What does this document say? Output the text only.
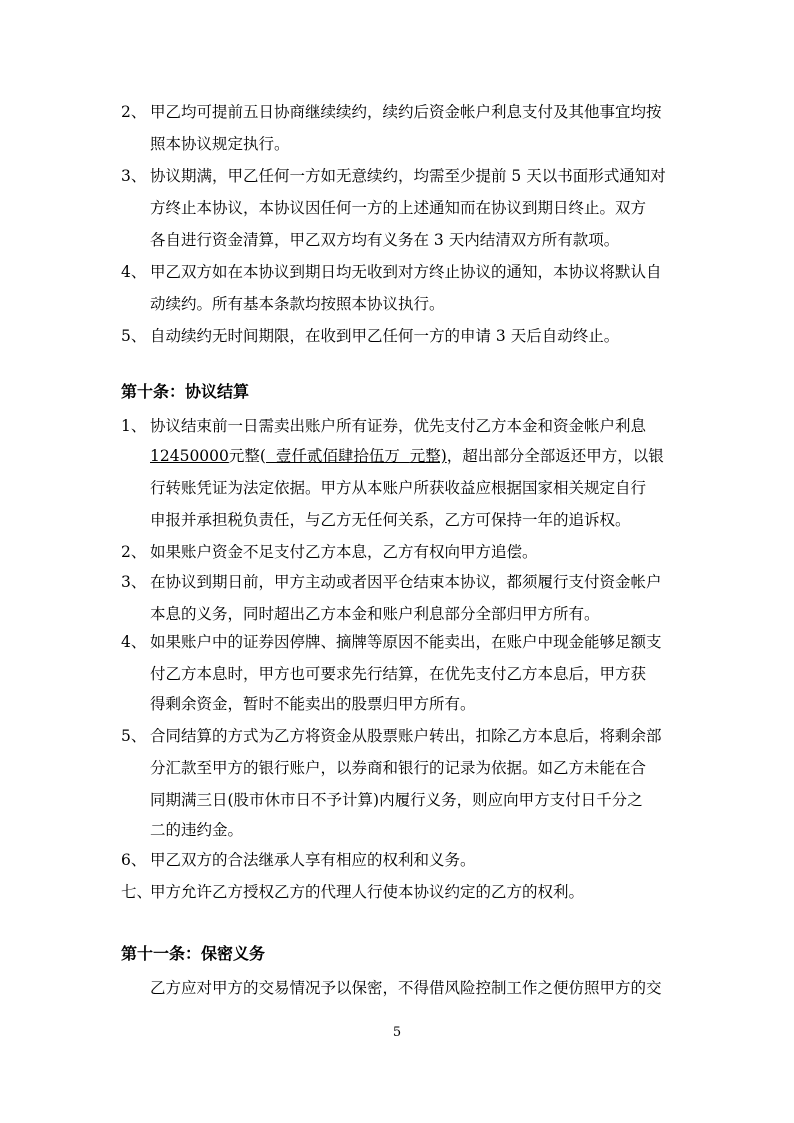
2、 甲乙均可提前五日协商继续续约，续约后资金帐户利息支付及其他事宜均按
照本协议规定执行。
3、 协议期满，甲乙任何一方如无意续约，均需至少提前 5 天以书面形式通知对
方终止本协议，本协议因任何一方的上述通知而在协议到期日终止。双方
各自进行资金清算，甲乙双方均有义务在 3 天内结清双方所有款项。
4、 甲乙双方如在本协议到期日均无收到对方终止协议的通知，本协议将默认自
动续约。所有基本条款均按照本协议执行。
5、 自动续约无时间期限，在收到甲乙任何一方的申请 3 天后自动终止。
第十条：协议结算
1、 协议结束前一日需卖出账户所有证券，优先支付乙方本金和资金帐户利息
12450000元整(  壹仟贰佰肆拾伍万  元整)，超出部分全部返还甲方，以银
行转账凭证为法定依据。甲方从本账户所获收益应根据国家相关规定自行
申报并承担税负责任，与乙方无任何关系，乙方可保持一年的追诉权。
2、 如果账户资金不足支付乙方本息，乙方有权向甲方追偿。
3、 在协议到期日前，甲方主动或者因平仓结束本协议，都须履行支付资金帐户
本息的义务，同时超出乙方本金和账户利息部分全部归甲方所有。
4、 如果账户中的证券因停牌、摘牌等原因不能卖出，在账户中现金能够足额支
付乙方本息时，甲方也可要求先行结算，在优先支付乙方本息后，甲方获
得剩余资金，暂时不能卖出的股票归甲方所有。
5、 合同结算的方式为乙方将资金从股票账户转出，扣除乙方本息后，将剩余部
分汇款至甲方的银行账户，以券商和银行的记录为依据。如乙方未能在合
同期满三日(股市休市日不予计算)内履行义务，则应向甲方支付日千分之
二的违约金。
6、 甲乙双方的合法继承人享有相应的权利和义务。
七、
甲方允许乙方授权乙方的代理人行使本协议约定的乙方的权利。
第十一条：保密义务
乙方应对甲方的交易情况予以保密，不得借风险控制工作之便仿照甲方的交
5
